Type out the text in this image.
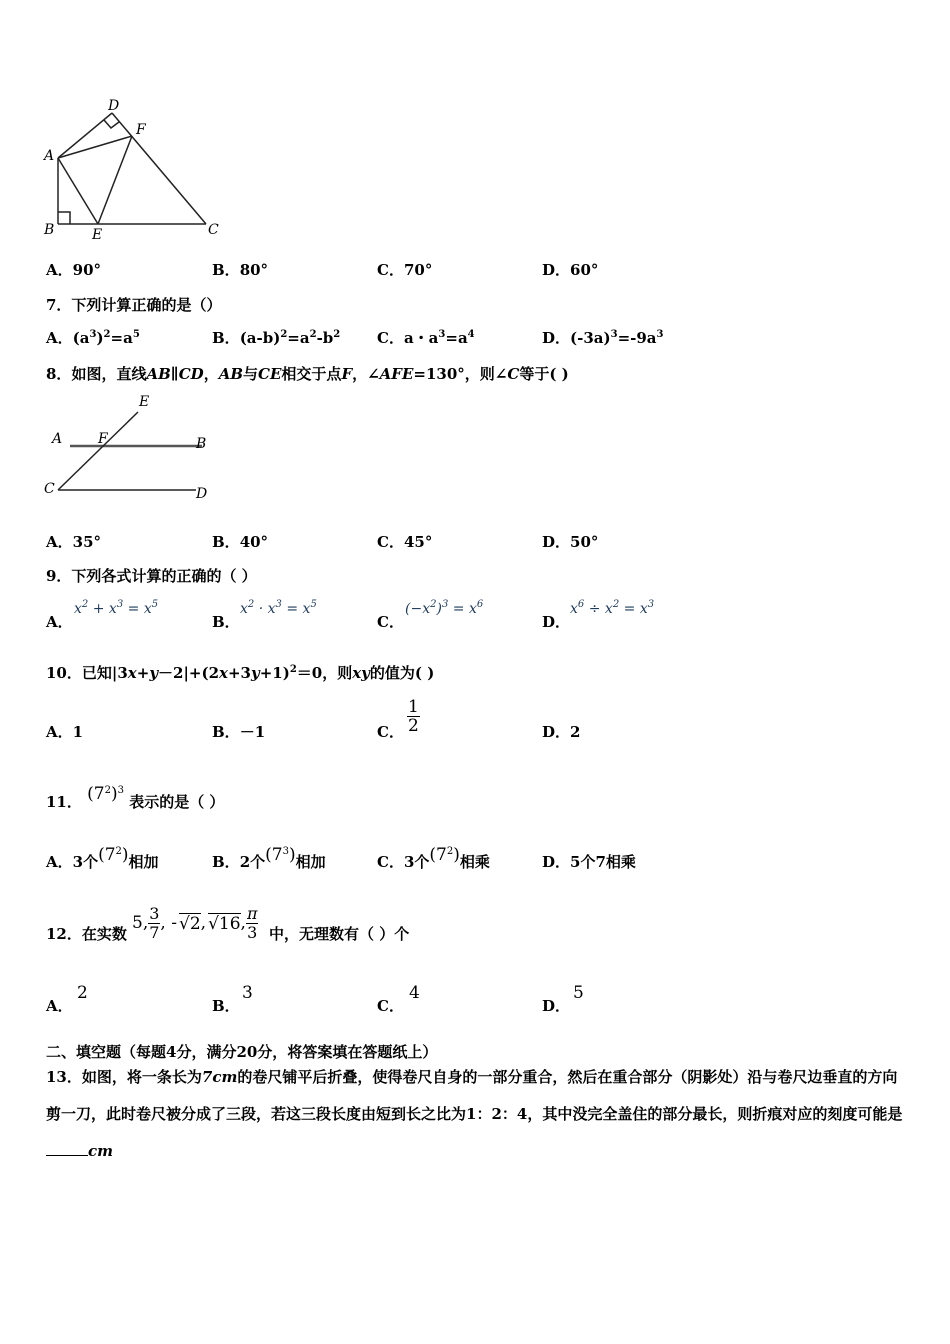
A
B	C
D
E
F
A．90°	B．80°	C．70°	D．60°
7．下列计算正确的是（）
A．$(a^3)^2=a^5$	B．$(a-b)^2=a^2-b^2$ C．a・$a^3=a^4$	D．$(-3a)^3=-9a^3$
8．如图，直线AB∥CD，AB与CE相交于点F，∠AFE=130°，则∠C等于( )
A	B
C	D
E
F
A．35°	B．40°	C．45°	D．50°
9．下列各式计算的正确的（ ）
A．
$x^2 + x^3 = x^5$
B．
$x^2 \cdot x^3 = x^5$
C．
$(-x^2)^3 = x^6$
D．
$x^6 \div x^2 = x^3$
10．已知$|3x+y-2|+(2x+3y+1)^2=0$，则xy的值为( )
A．1	B．－1	C． $\frac{1}{2}$	D．2
11． $(7^2)^3$ 表示的是（ ）
A．3个$(7^2)$相加	B．2个$(7^3)$相加	C．3个$(7^2)$相乘	D．5个7相乘
12．在实数
5, $\frac{3}{7}$ , - √2 , √16 , $\frac{\pi}{3}$ 中，无理数有（ ）个
A．
2
B．
3
C．
4
D．
5
二、填空题（每题4分，满分20分，将答案填在答题纸上）
13．如图，将一条长为7cm的卷尺铺平后折叠，使得卷尺自身的一部分重合，然后在重合部分（阴影处）沿与卷尺边垂直的方向剪一刀，此时卷尺被分成了三段，若这三段长度由短到长之比为1：2：4，其中没完全盖住的部分最长，则折痕对应的刻度可能是cm
